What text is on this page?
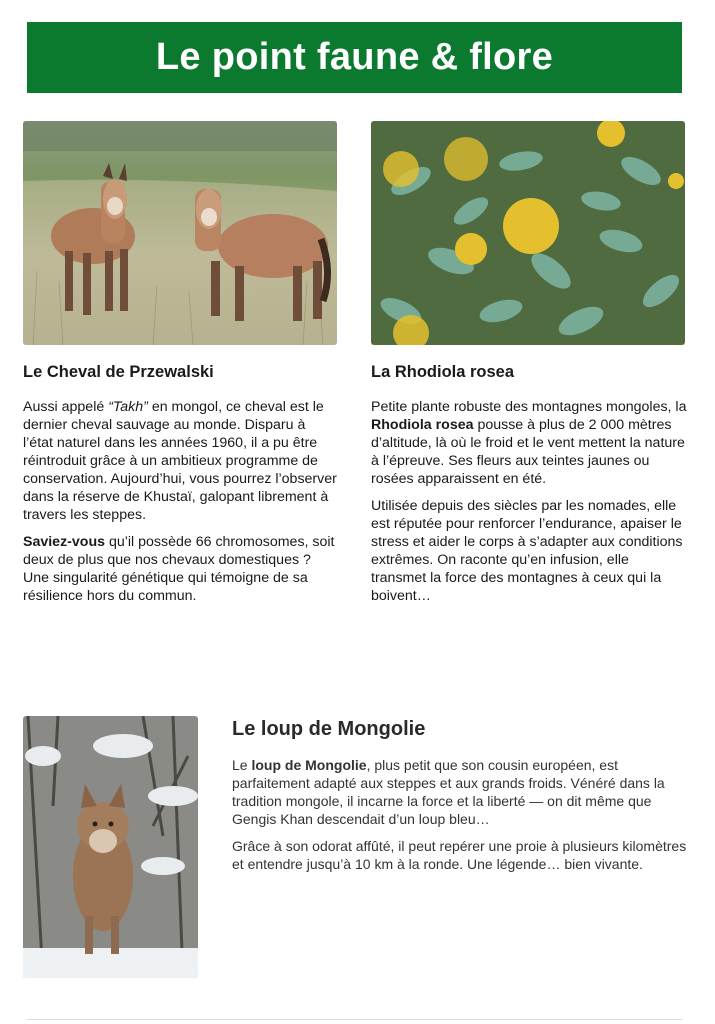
Le point faune & flore
Le Cheval de Przewalski

Aussi appelé “Takh” en mongol, ce cheval est le dernier cheval sauvage au monde. Disparu à l’état naturel dans les années 1960, il a pu être réintroduit grâce à un ambitieux programme de conservation. Aujourd’hui, vous pourrez l’observer dans la réserve de Khustaï, galopant librement à travers les steppes.

Saviez-vous qu’il possède 66 chromosomes, soit deux de plus que nos chevaux domestiques ? Une singularité génétique qui témoigne de sa résilience hors du commun.

La Rhodiola rosea

Petite plante robuste des montagnes mongoles, la Rhodiola rosea pousse à plus de 2 000 mètres d’altitude, là où le froid et le vent mettent la nature à l’épreuve. Ses fleurs aux teintes jaunes ou rosées apparaissent en été.

Utilisée depuis des siècles par les nomades, elle est réputée pour renforcer l’endurance, apaiser le stress et aider le corps à s’adapter aux conditions extrêmes. On raconte qu’en infusion, elle transmet la force des montagnes à ceux qui la boivent…

Le loup de Mongolie

Le loup de Mongolie, plus petit que son cousin européen, est parfaitement adapté aux steppes et aux grands froids. Vénéré dans la tradition mongole, il incarne la force et la liberté — on dit même que Gengis Khan descendait d’un loup bleu…

Grâce à son odorat affûté, il peut repérer une proie à plusieurs kilomètres et entendre jusqu’à 10 km à la ronde. Une légende… bien vivante.
